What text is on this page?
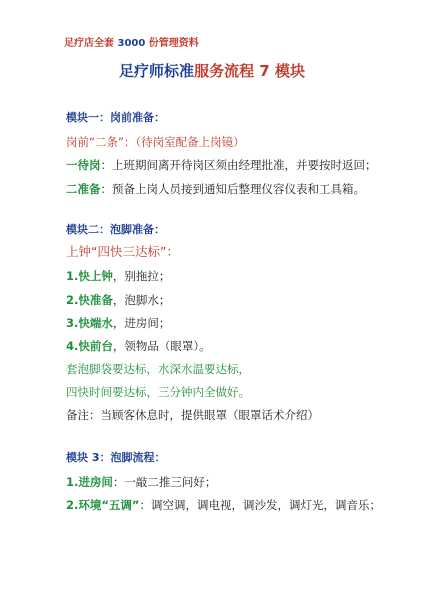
足疗店全套 3000 份管理资料
足疗师标准服务流程 7 模块
模块一：岗前准备：
岗前“二条”：（待岗室配备上岗镜）
一待岗：上班期间离开待岗区须由经理批准，并要按时返回；
二准备：预备上岗人员接到通知后整理仪容仪表和工具箱。
模块二：泡脚准备：
上钟“四快三达标”：
1.快上钟，别拖拉；
2.快准备，泡脚水；
3.快端水，进房间；
4.快前台，领物品（眼罩）。
套泡脚袋要达标，水深水温要达标，
四快时间要达标，三分钟内全做好。
备注：当顾客休息时，提供眼罩（眼罩话术介绍）
模块 3：泡脚流程：
1.进房间：一敲二推三问好；
2.环境“五调”：调空调，调电视，调沙发，调灯光，调音乐；
